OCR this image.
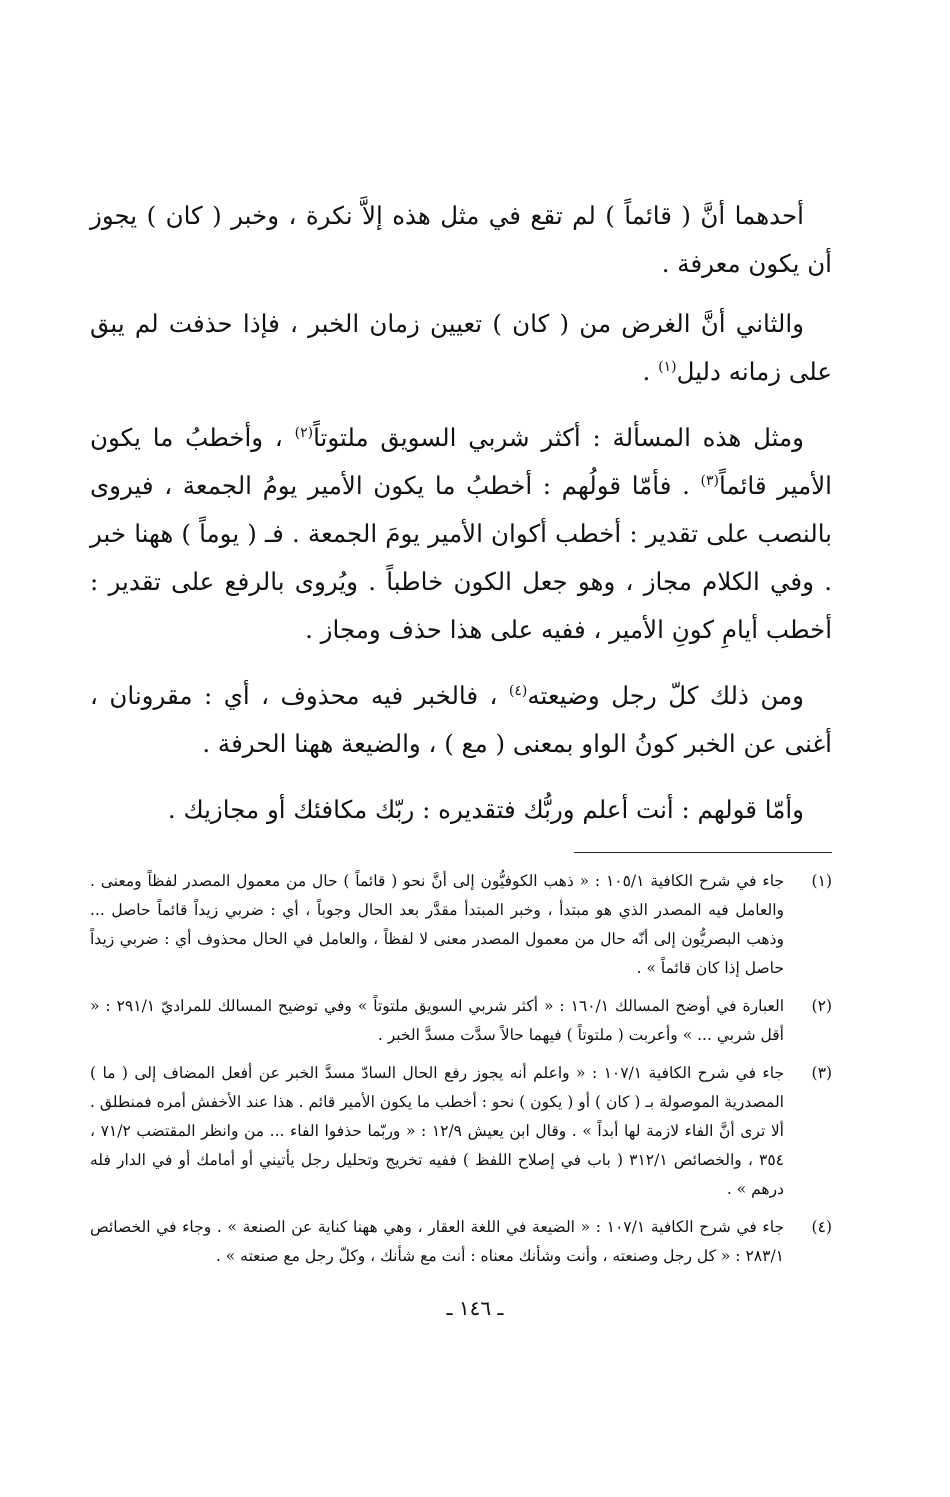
أحدهما أنَّ ( قائماً ) لم تقع في مثل هذه إلاَّ نكرة ، وخبر ( كان ) يجوز أن يكون معرفة .

والثاني أنَّ الغرض من ( كان ) تعيين زمان الخبر ، فإذا حذفت لم يبق على زمانه دليل$^{(١)}$ .

ومثل هذه المسألة : أكثر شربي السويق ملتوتاً$^{(٢)}$ ، وأخطبُ ما يكون الأمير قائماً$^{(٣)}$ . فأمّا قولُهم : أخطبُ ما يكون الأمير يومُ الجمعة ، فيروى بالنصب على تقدير : أخطب أكوان الأمير يومَ الجمعة . فـ ( يوماً ) ههنا خبر . وفي الكلام مجاز ، وهو جعل الكون خاطباً . ويُروى بالرفع على تقدير : أخطب أيامِ كونِ الأمير ، ففيه على هذا حذف ومجاز .

ومن ذلك كلّ رجل وضيعته$^{(٤)}$ ، فالخبر فيه محذوف ، أي : مقرونان ، أغنى عن الخبر كونُ الواو بمعنى ( مع ) ، والضيعة ههنا الحرفة .

وأمّا قولهم : أنت أعلم وربُّك فتقديره : ربّك مكافئك أو مجازيك .

(١)
جاء في شرح الكافية ١٠٥/١ : « ذهب الكوفيُّون إلى أنَّ نحو ( قائماً ) حال من معمول المصدر لفظاً ومعنى . والعامل فيه المصدر الذي هو مبتدأ ، وخبر المبتدأ مقدَّر بعد الحال وجوباً ، أي : ضربي زيداً قائماً حاصل ... وذهب البصريُّون إلى أنّه حال من معمول المصدر معنى لا لفظاً ، والعامل في الحال محذوف أي : ضربي زيداً حاصل إذا كان قائماً » .
(٢)
العبارة في أوضح المسالك ١٦٠/١ : « أكثر شربي السويق ملتوتاً » وفي توضيح المسالك للمراديّ ٢٩١/١ : « أقل شربي ... » وأعربت ( ملتوتاً ) فيهما حالاً سدَّت مسدَّ الخبر .
(٣)
جاء في شرح الكافية ١٠٧/١ : « واعلم أنه يجوز رفع الحال السادّ مسدَّ الخبر عن أفعل المضاف إلى ( ما ) المصدرية الموصولة بـ ( كان ) أو ( يكون ) نحو : أخطب ما يكون الأمير قائم . هذا عند الأخفش أمره فمنطلق . ألا ترى أنَّ الفاء لازمة لها أبداً » . وقال ابن يعيش ١٢/٩ : « وربّما حذفوا الفاء ... من وانظر المقتضب ٧١/٢ ، ٣٥٤ ، والخصائص ٣١٢/١ ( باب في إصلاح اللفظ ) ففيه تخريج وتحليل رجل يأتيني أو أمامك أو في الدار فله درهم » .
(٤)
جاء في شرح الكافية ١٠٧/١ : « الضيعة في اللغة العقار ، وهي ههنا كناية عن الصنعة » . وجاء في الخصائص ٢٨٣/١ : « كل رجل وصنعته ، وأنت وشأنك معناه : أنت مع شأنك ، وكلّ رجل مع صنعته » .
ـ ١٤٦ ـ
